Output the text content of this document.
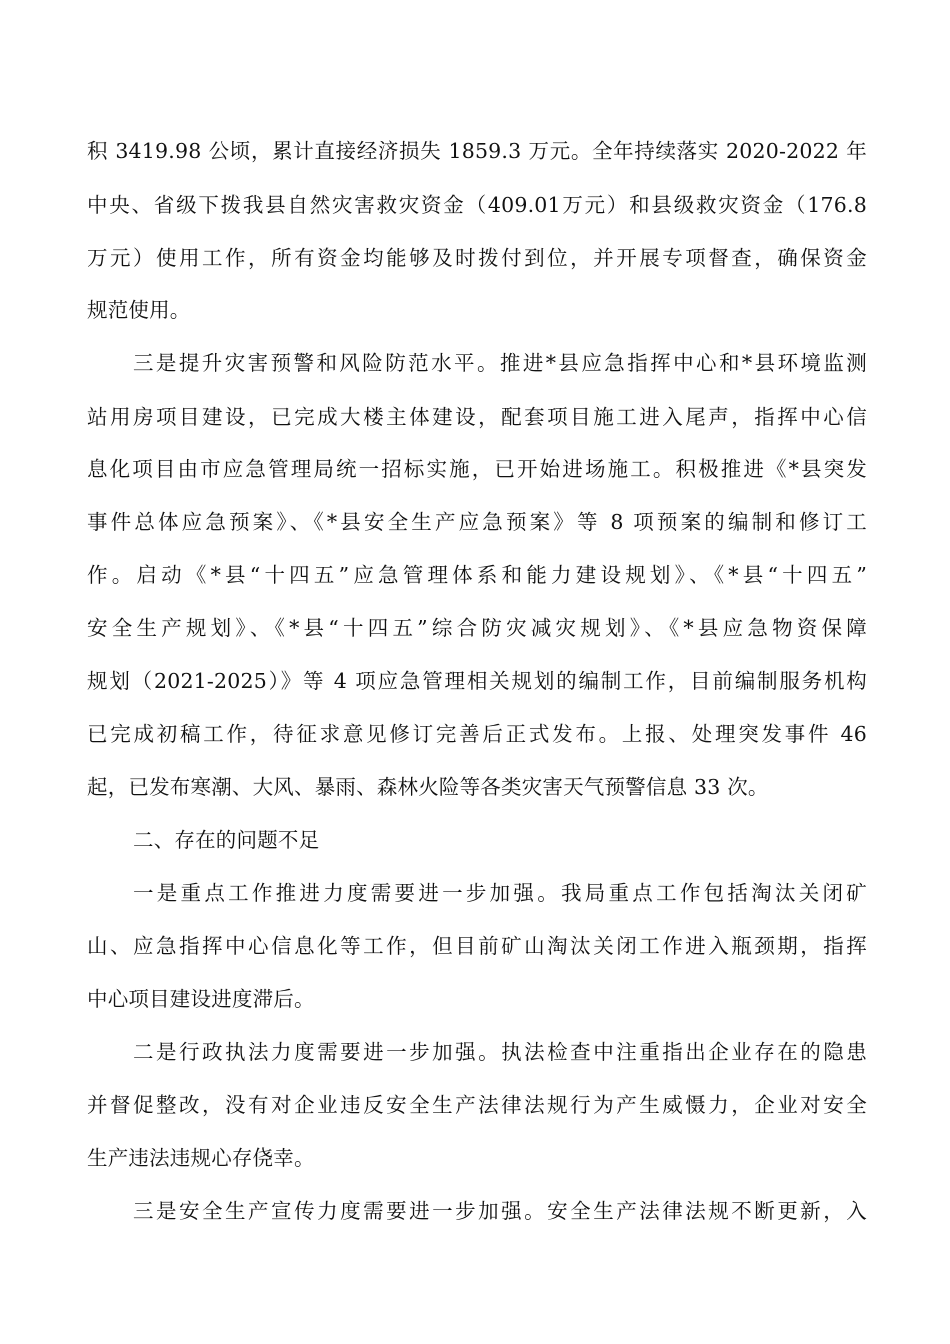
积 3419.98 公顷，累计直接经济损失 1859.3 万元。全年持续落实 2020-2022 年
中央、省级下拨我县自然灾害救灾资金（409.01万元）和县级救灾资金（176.8
万元）使用工作，所有资金均能够及时拨付到位，并开展专项督查，确保资金
规范使用。
三是提升灾害预警和风险防范水平。推进*县应急指挥中心和*县环境监测
站用房项目建设，已完成大楼主体建设，配套项目施工进入尾声，指挥中心信
息化项目由市应急管理局统一招标实施，已开始进场施工。积极推进《*县突发
事件总体应急预案》、《*县安全生产应急预案》等 8 项预案的编制和修订工
作。启动《*县“十四五”应急管理体系和能力建设规划》、《*县“十四五”
安全生产规划》、《*县“十四五”综合防灾减灾规划》、《*县应急物资保障
规划（2021-2025）》等 4 项应急管理相关规划的编制工作，目前编制服务机构
已完成初稿工作，待征求意见修订完善后正式发布。上报、处理突发事件 46
起，已发布寒潮、大风、暴雨、森林火险等各类灾害天气预警信息 33 次。
二、存在的问题不足
一是重点工作推进力度需要进一步加强。我局重点工作包括淘汰关闭矿
山、应急指挥中心信息化等工作，但目前矿山淘汰关闭工作进入瓶颈期，指挥
中心项目建设进度滞后。
二是行政执法力度需要进一步加强。执法检查中注重指出企业存在的隐患
并督促整改，没有对企业违反安全生产法律法规行为产生威慑力，企业对安全
生产违法违规心存侥幸。
三是安全生产宣传力度需要进一步加强。安全生产法律法规不断更新，入
